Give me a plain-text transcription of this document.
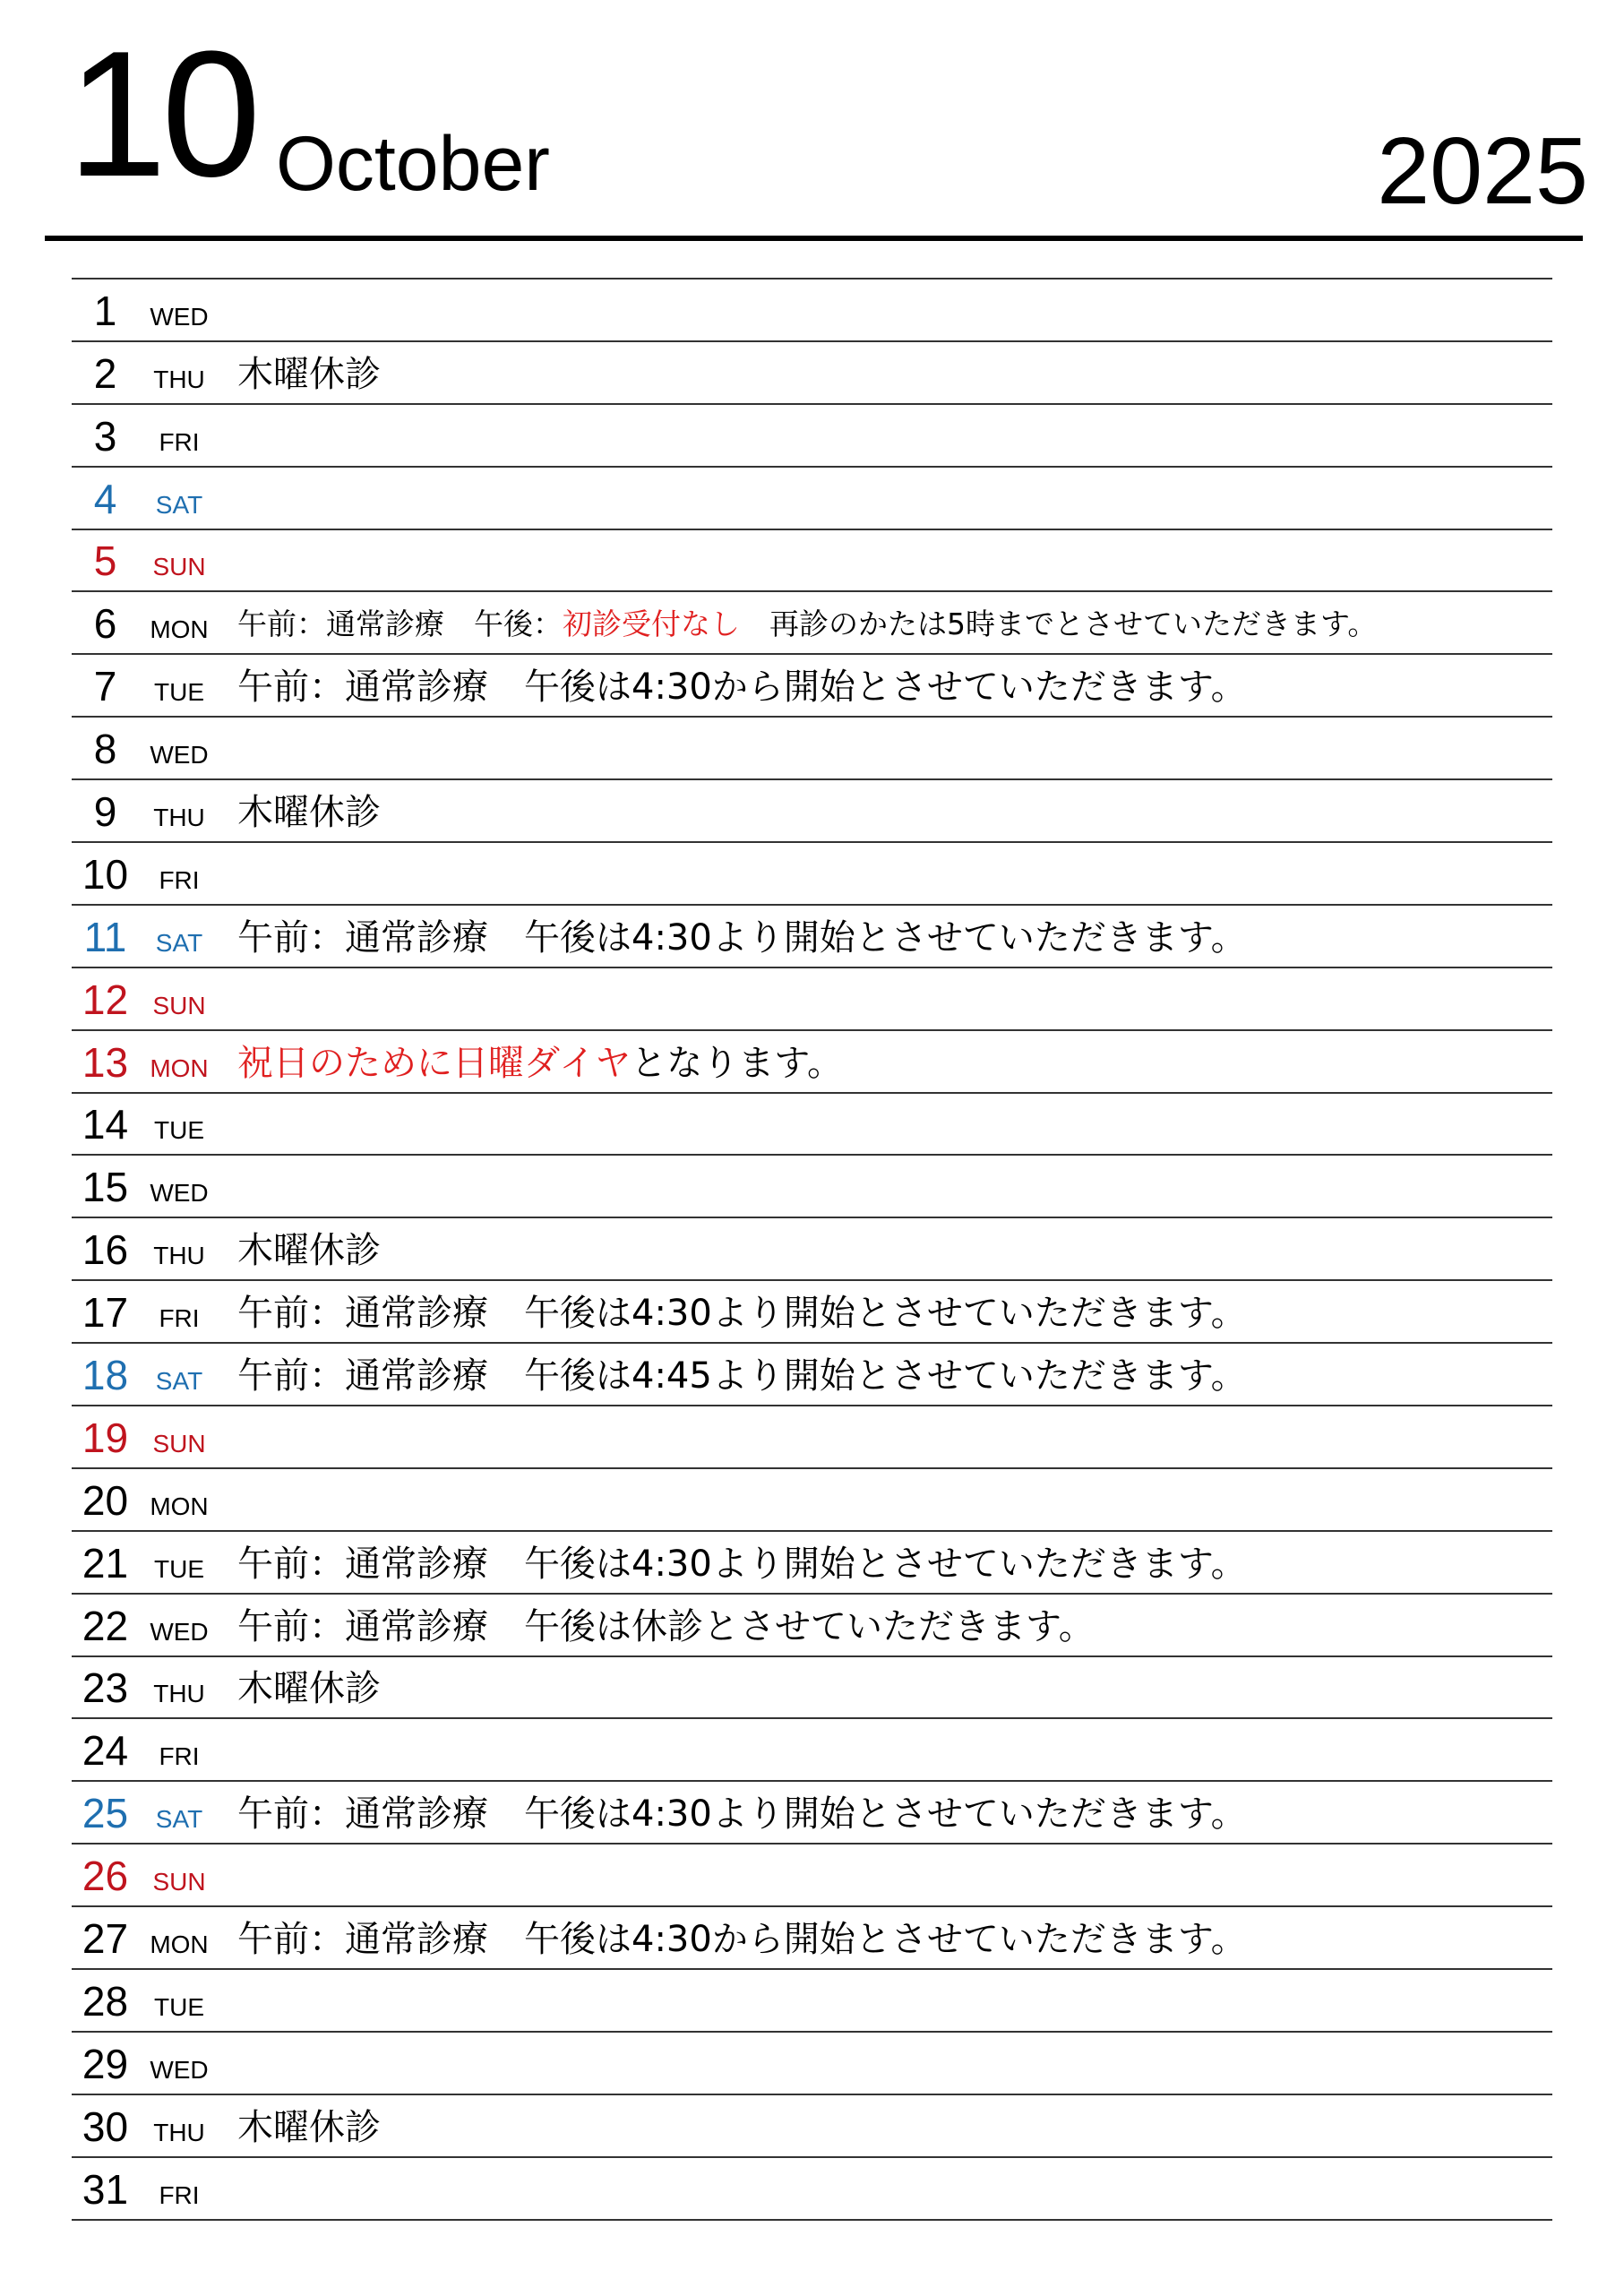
10 October	2025
1	WED
2	THU 木曜休診
3	FRI
4	SAT
5	SUN
6	MON 午前：通常診療　午後：初診受付なし　再診のかたは5時までとさせていただきます。
7	TUE 午前：通常診療　午後は4:30から開始とさせていただきます。
8	WED
9	THU 木曜休診
10	FRI
11	SAT 午前：通常診療　午後は4:30より開始とさせていただきます。
12 SUN
13 MON 祝日のために日曜ダイヤとなります。
14	TUE
15 WED
16	THU 木曜休診
17	FRI	午前：通常診療　午後は4:30より開始とさせていただきます。
18	SAT 午前：通常診療　午後は4:45より開始とさせていただきます。
19 SUN
20 MON
21	TUE 午前：通常診療　午後は4:30より開始とさせていただきます。
22 WED 午前：通常診療　午後は休診とさせていただきます。
23	THU 木曜休診
24	FRI
25	SAT 午前：通常診療　午後は4:30より開始とさせていただきます。
26 SUN
27 MON 午前：通常診療　午後は4:30から開始とさせていただきます。
28	TUE
29 WED
30	THU 木曜休診
31	FRI
